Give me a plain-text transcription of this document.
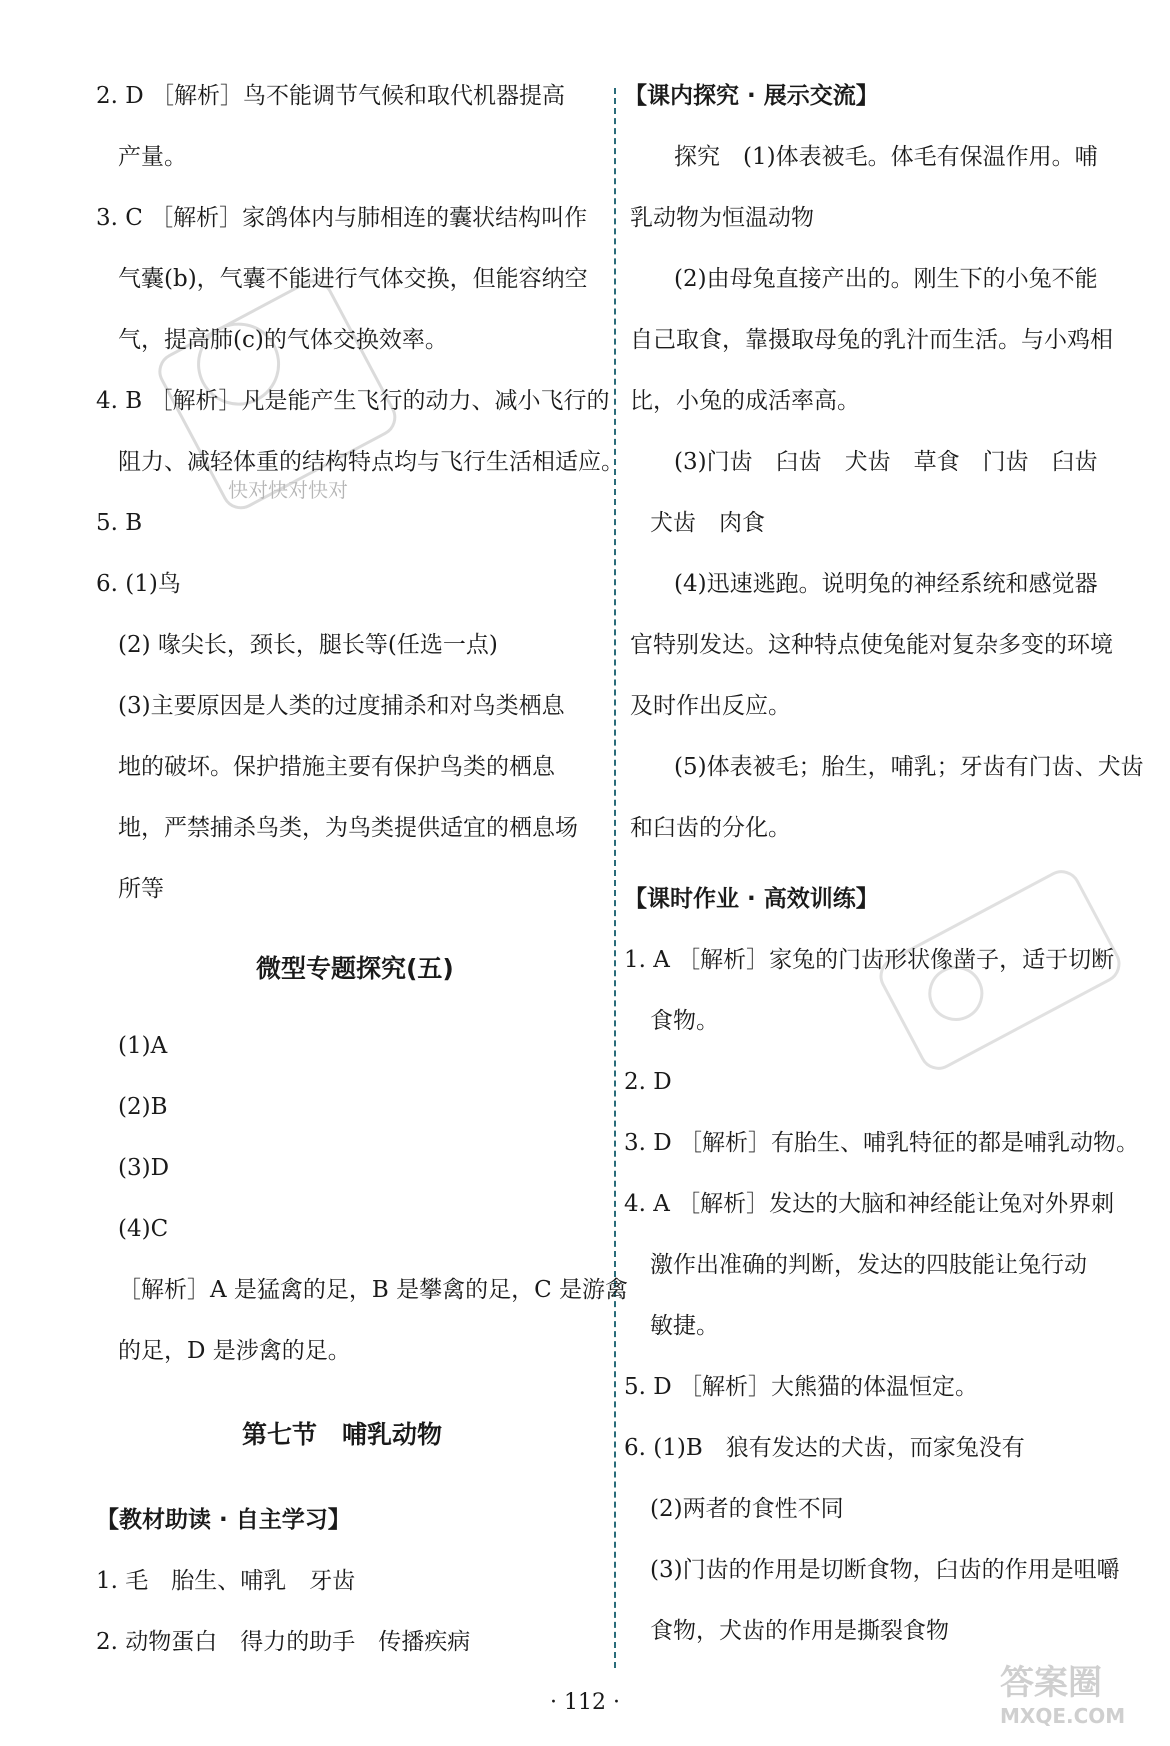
快对快对快对
答案圈
MXQE.COM
2. D ［解析］鸟不能调节气候和取代机器提高
产量。
3. C ［解析］家鸽体内与肺相连的囊状结构叫作
气囊(b)，气囊不能进行气体交换，但能容纳空
气，提高肺(c)的气体交换效率。
4. B ［解析］凡是能产生飞行的动力、减小飞行的
阻力、减轻体重的结构特点均与飞行生活相适应。
5. B
6. (1)鸟
(2) 喙尖长，颈长，腿长等(任选一点)
(3)主要原因是人类的过度捕杀和对鸟类栖息
地的破坏。保护措施主要有保护鸟类的栖息
地，严禁捕杀鸟类，为鸟类提供适宜的栖息场
所等
微型专题探究(五)
(1)A
(2)B
(3)D
(4)C
［解析］A 是猛禽的足，B 是攀禽的足，C 是游禽
的足，D 是涉禽的足。
第七节　哺乳动物
【教材助读 · 自主学习】
1. 毛　胎生、哺乳　牙齿
2. 动物蛋白　得力的助手　传播疾病
【课内探究 · 展示交流】
探究　(1)体表被毛。体毛有保温作用。哺
乳动物为恒温动物
(2)由母兔直接产出的。刚生下的小兔不能
自己取食，靠摄取母兔的乳汁而生活。与小鸡相
比，小兔的成活率高。
(3)门齿　臼齿　犬齿　草食　门齿　臼齿
犬齿　肉食
(4)迅速逃跑。说明兔的神经系统和感觉器
官特别发达。这种特点使兔能对复杂多变的环境
及时作出反应。
(5)体表被毛；胎生，哺乳；牙齿有门齿、犬齿
和臼齿的分化。
【课时作业 · 高效训练】
1. A ［解析］家兔的门齿形状像凿子，适于切断
食物。
2. D
3. D ［解析］有胎生、哺乳特征的都是哺乳动物。
4. A ［解析］发达的大脑和神经能让兔对外界刺
激作出准确的判断，发达的四肢能让兔行动
敏捷。
5. D ［解析］大熊猫的体温恒定。
6. (1)B　狼有发达的犬齿，而家兔没有
(2)两者的食性不同
(3)门齿的作用是切断食物，臼齿的作用是咀嚼
食物，犬齿的作用是撕裂食物
· 112 ·
